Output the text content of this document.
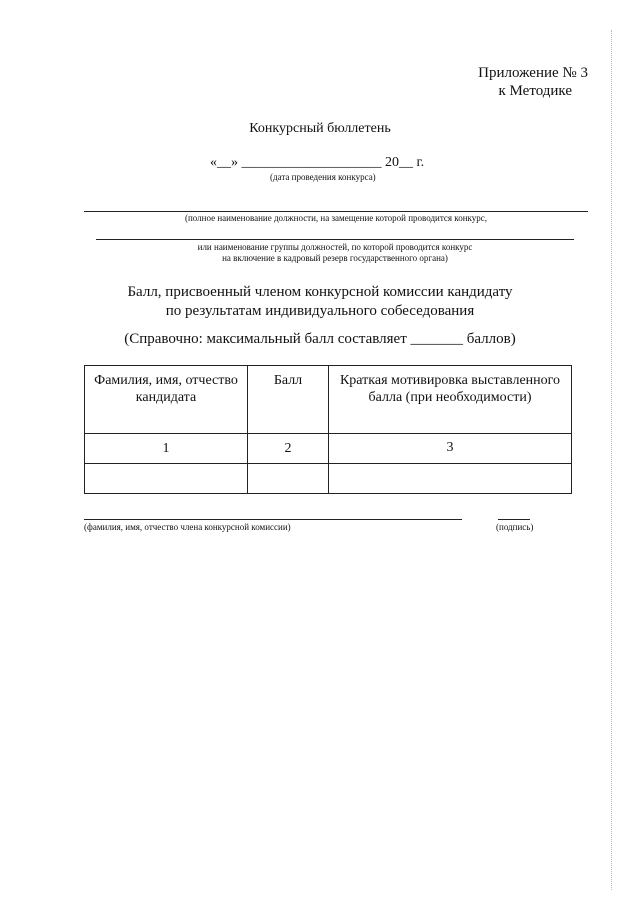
Приложение № 3
к Методике
Конкурсный бюллетень
«__» ____________________ 20__ г.
(дата проведения конкурса)
(полное наименование должности, на замещение которой проводится конкурс,
или наименование группы должностей, по которой проводится конкурс
на включение в кадровый резерв государственного органа)
Балл, присвоенный членом конкурсной комиссии кандидату
по результатам индивидуального собеседования
(Справочно: максимальный балл составляет _______ баллов)
Фамилия, имя, отчество кандидата	Балл	Краткая мотивировка выставленного балла (при необходимости)
1	2	3

(фамилия, имя, отчество члена конкурсной комиссии)	(подпись)
